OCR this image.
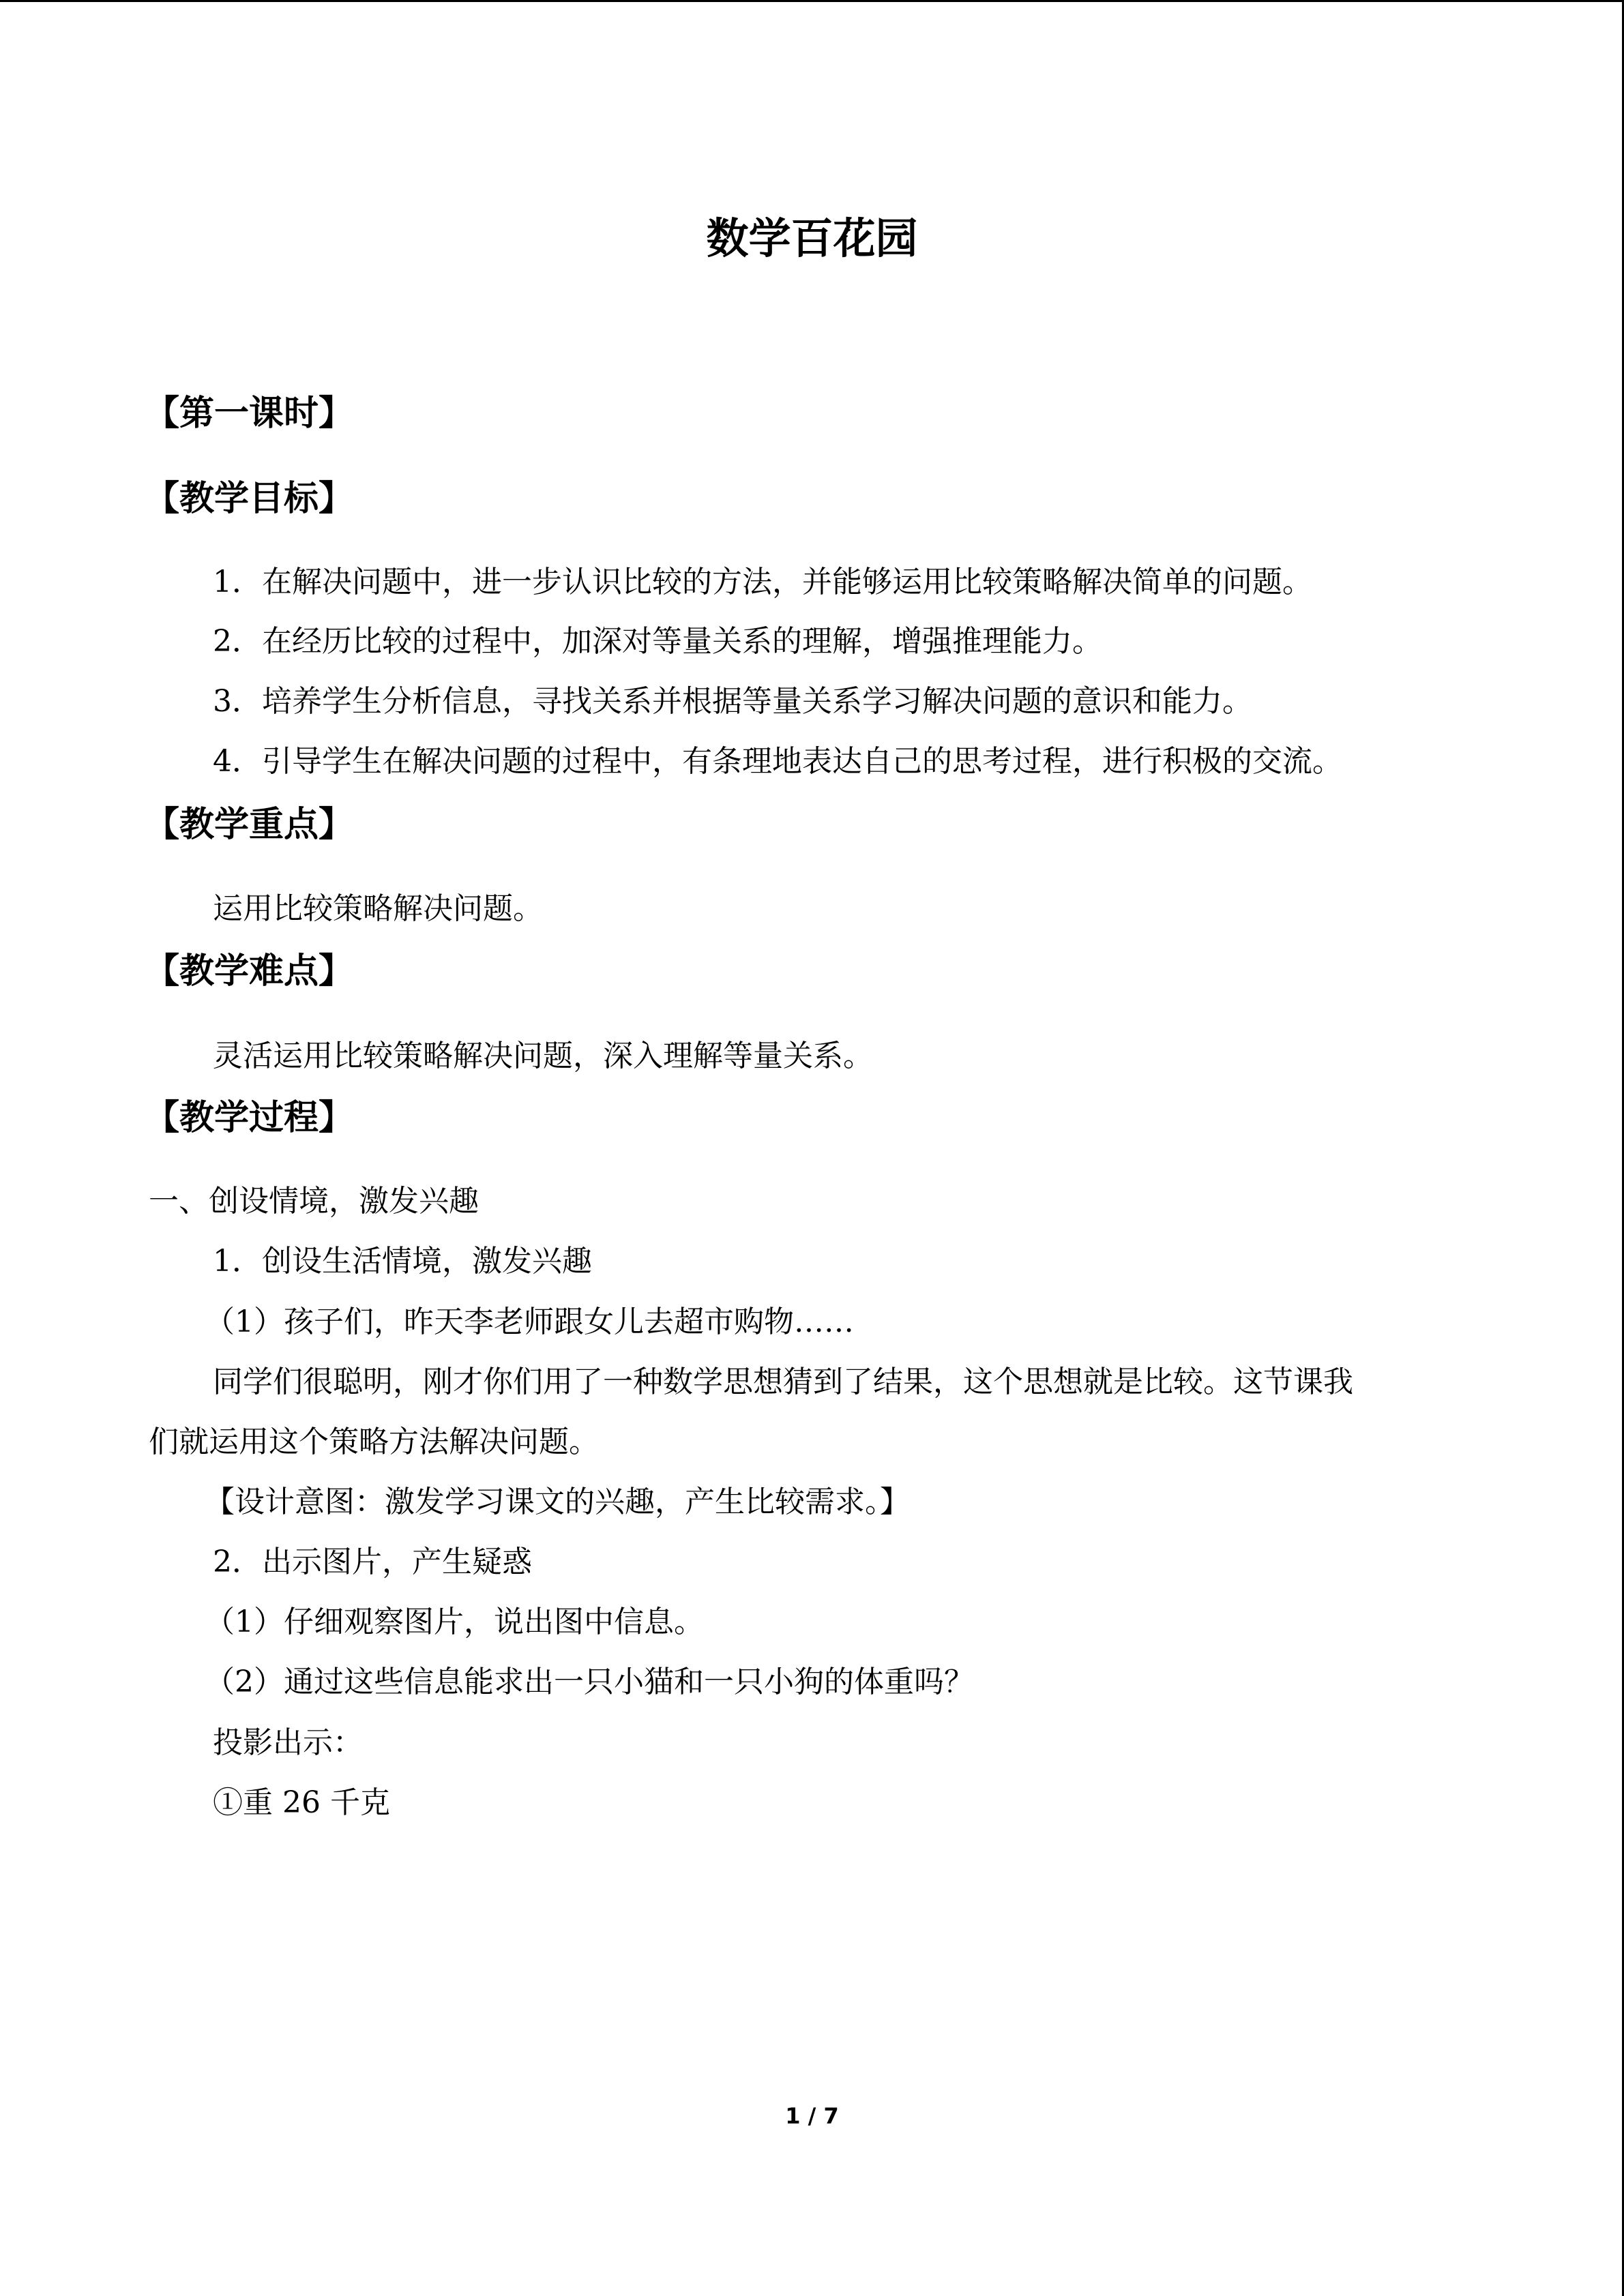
数学百花园
【第一课时】
【教学目标】
1．在解决问题中，进一步认识比较的方法，并能够运用比较策略解决简单的问题。
2．在经历比较的过程中，加深对等量关系的理解，增强推理能力。
3．培养学生分析信息，寻找关系并根据等量关系学习解决问题的意识和能力。
4．引导学生在解决问题的过程中，有条理地表达自己的思考过程，进行积极的交流。
【教学重点】
运用比较策略解决问题。
【教学难点】
灵活运用比较策略解决问题，深入理解等量关系。
【教学过程】
一、创设情境，激发兴趣
1．创设生活情境，激发兴趣
（1）孩子们，昨天李老师跟女儿去超市购物……
同学们很聪明，刚才你们用了一种数学思想猜到了结果，这个思想就是比较。这节课我
们就运用这个策略方法解决问题。
【设计意图：激发学习课文的兴趣，产生比较需求。】
2．出示图片，产生疑惑
（1）仔细观察图片，说出图中信息。
（2）通过这些信息能求出一只小猫和一只小狗的体重吗？
投影出示：
①重 26 千克
1 / 7
